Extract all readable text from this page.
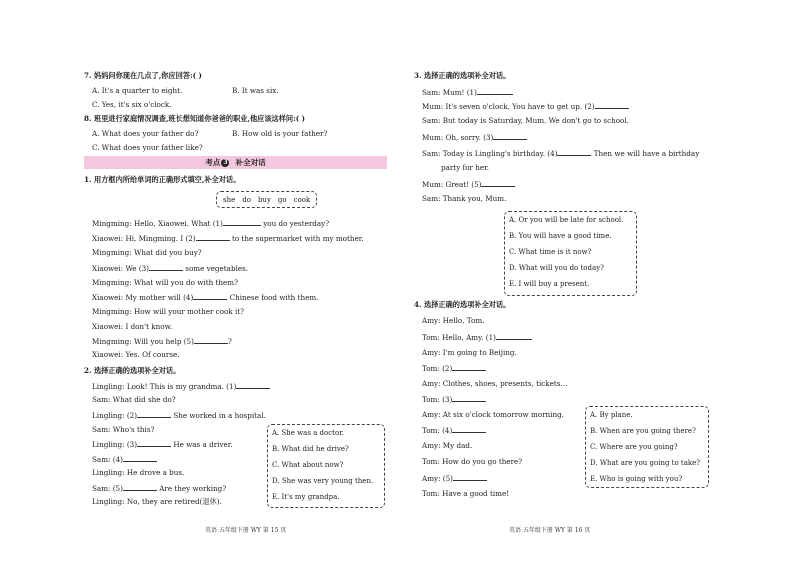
7. 妈妈问你现在几点了,你应回答:( )
A. It's a quarter to eight.	B. It was six.
C. Yes, it's six o'clock.
8. 班里进行家庭情况调查,班长想知道你爸爸的职业,他应该这样问:( )
A. What does your father do?	B. How old is your father?
C. What does your father like?
考点 3 补全对话
1. 用方框内所给单词的正确形式填空,补全对话。
she do buy go cook
Mingming: Hello, Xiaowei. What (1)	you do yesterday?
Xiaowei: Hi, Mingming. I (2)	to the supermarket with my mother.
Mingming: What did you buy?
Xiaowei: We (3)	some vegetables.
Mingming: What will you do with them?
Xiaowei: My mother will (4)	Chinese food with them.
Mingming: How will your mother cook it?
Xiaowei: I don't know.
Mingming: Will you help (5)	?
Xiaowei: Yes. Of course.
2. 选择正确的选项补全对话。
Lingling: Look! This is my grandma. (1)
Sam: What did she do?
Lingling: (2)	She worked in a hospital.
Sam: Who's this?
Lingling: (3)	He was a driver.
Sam: (4)
Lingling: He drove a bus.
Sam: (5)	Are they working?
Lingling: No, they are retired(退休).
A. She was a doctor.
B. What did he drive?
C. What about now?
D. She was very young then.
E. It's my grandpa.
英语 五年级下册 WY 第 15 页
3. 选择正确的选项补全对话。
Sam: Mum! (1)
Mum: It's seven o'clock. You have to get up. (2)
Sam: But today is Saturday, Mum. We don't go to school.
Mum: Oh, sorry. (3)
Sam: Today is Lingling's birthday. (4)	Then we will have a birthday
party for her.
Mum: Great! (5)
Sam: Thank you, Mum.
A. Or you will be late for school.
B. You will have a good time.
C. What time is it now?
D. What will you do today?
E. I will buy a present.
4. 选择正确的选项补全对话。
Amy: Hello, Tom.
Tom: Hello, Amy. (1)
Amy: I'm going to Beijing.
Tom: (2)
Amy: Clothes, shoes, presents, tickets...
Tom: (3)
Amy: At six o'clock tomorrow morning.
Tom: (4)
Amy: My dad.
Tom: How do you go there?
Amy: (5)
Tom: Have a good time!
A. By plane.
B. When are you going there?
C. Where are you going?
D. What are you going to take?
E. Who is going with you?
英语 五年级下册 WY 第 16 页
